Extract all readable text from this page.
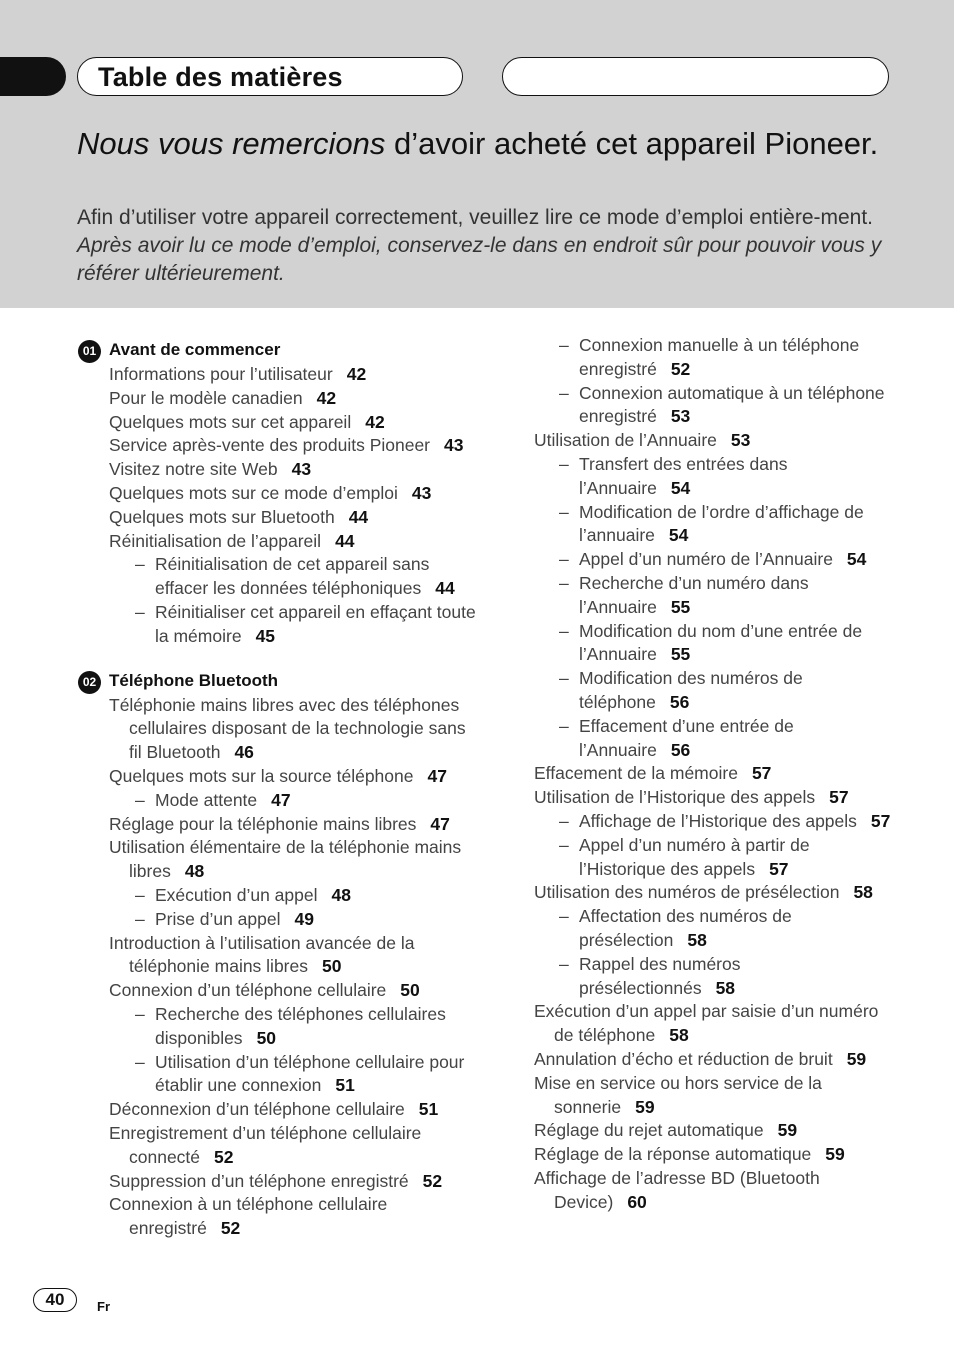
Table des matières
Nous vous remercions d’avoir acheté cet appareil Pioneer.
Afin d’utiliser votre appareil correctement, veuillez lire ce mode d’emploi entière-ment. Après avoir lu ce mode d’emploi, conservez-le dans en endroit sûr pour pouvoir vous y référer ultérieurement.
01 Avant de commencer
Informations pour l’utilisateur 42
Pour le modèle canadien 42
Quelques mots sur cet appareil 42
Service après-vente des produits Pioneer 43
Visitez notre site Web 43
Quelques mots sur ce mode d’emploi 43
Quelques mots sur Bluetooth 44
Réinitialisation de l’appareil 44
– Réinitialisation de cet appareil sans effacer les données téléphoniques 44
– Réinitialiser cet appareil en effaçant toute la mémoire 45
02 Téléphone Bluetooth
Téléphonie mains libres avec des téléphones cellulaires disposant de la technologie sans fil Bluetooth 46
Quelques mots sur la source téléphone 47
– Mode attente 47
Réglage pour la téléphonie mains libres 47
Utilisation élémentaire de la téléphonie mains libres 48
– Exécution d’un appel 48
– Prise d’un appel 49
Introduction à l’utilisation avancée de la téléphonie mains libres 50
Connexion d’un téléphone cellulaire 50
– Recherche des téléphones cellulaires disponibles 50
– Utilisation d’un téléphone cellulaire pour établir une connexion 51
Déconnexion d’un téléphone cellulaire 51
Enregistrement d’un téléphone cellulaire connecté 52
Suppression d’un téléphone enregistré 52
Connexion à un téléphone cellulaire enregistré 52
– Connexion manuelle à un téléphone enregistré 52
– Connexion automatique à un téléphone enregistré 53
Utilisation de l’Annuaire 53
– Transfert des entrées dans l’Annuaire 54
– Modification de l’ordre d’affichage de l’annuaire 54
– Appel d’un numéro de l’Annuaire 54
– Recherche d’un numéro dans l’Annuaire 55
– Modification du nom d’une entrée de l’Annuaire 55
– Modification des numéros de téléphone 56
– Effacement d’une entrée de l’Annuaire 56
Effacement de la mémoire 57
Utilisation de l’Historique des appels 57
– Affichage de l’Historique des appels 57
– Appel d’un numéro à partir de l’Historique des appels 57
Utilisation des numéros de présélection 58
– Affectation des numéros de présélection 58
– Rappel des numéros présélectionnés 58
Exécution d’un appel par saisie d’un numéro de téléphone 58
Annulation d’écho et réduction de bruit 59
Mise en service ou hors service de la sonnerie 59
Réglage du rejet automatique 59
Réglage de la réponse automatique 59
Affichage de l’adresse BD (Bluetooth Device) 60
40	Fr
